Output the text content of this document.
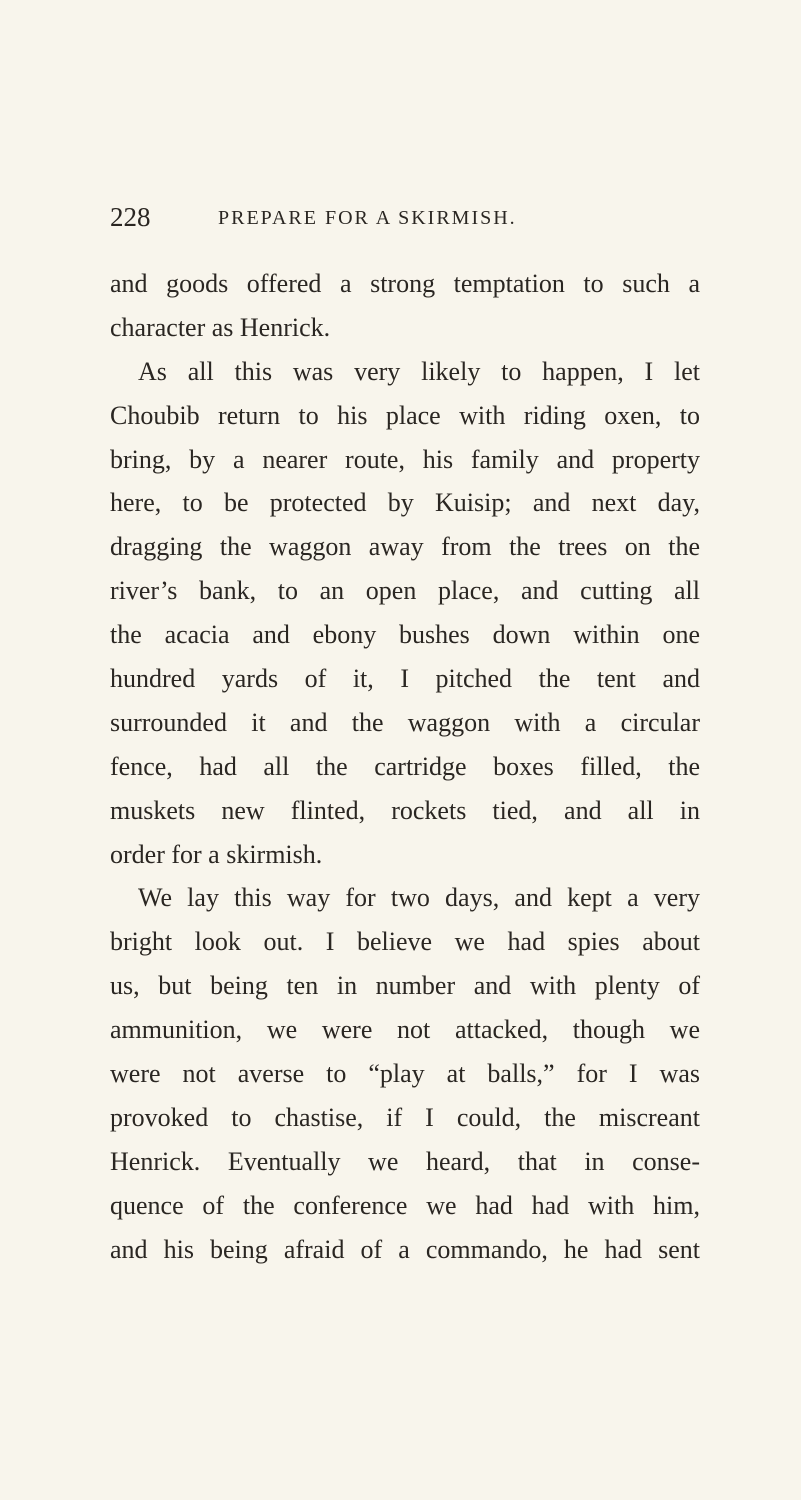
228	PREPARE FOR A SKIRMISH.
and goods offered a strong temptation to such a
character as Henrick.
As all this was very likely to happen, I let
Choubib return to his place with riding oxen, to
bring, by a nearer route, his family and property
here, to be protected by Kuisip; and next day,
dragging the waggon away from the trees on the
river’s bank, to an open place, and cutting all
the acacia and ebony bushes down within one
hundred yards of it, I pitched the tent and
surrounded it and the waggon with a circular
fence, had all the cartridge boxes filled, the
muskets new flinted, rockets tied, and all in
order for a skirmish.
We lay this way for two days, and kept a very
bright look out. I believe we had spies about
us, but being ten in number and with plenty of
ammunition, we were not attacked, though we
were not averse to “play at balls,” for I was
provoked to chastise, if I could, the miscreant
Henrick. Eventually we heard, that in conse-
quence of the conference we had had with him,
and his being afraid of a commando, he had sent
